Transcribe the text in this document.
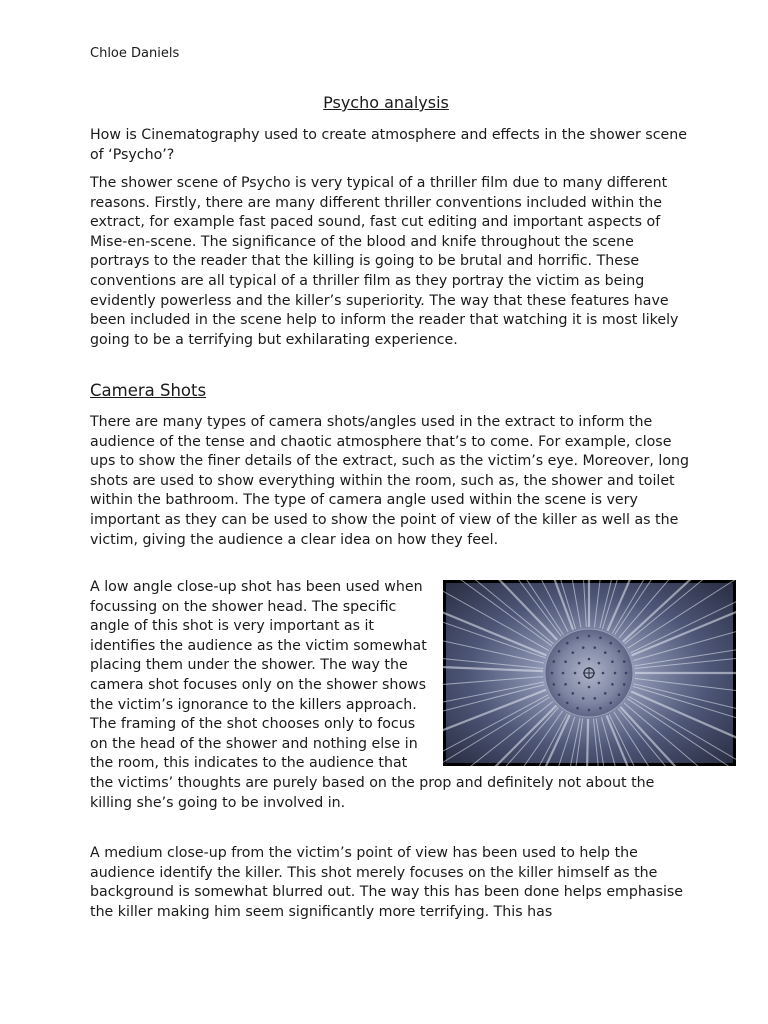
Chloe Daniels
Psycho analysis

How is Cinematography used to create atmosphere and effects in the shower scene of ‘Psycho’?

The shower scene of Psycho is very typical of a thriller film due to many different reasons. Firstly, there are many different thriller conventions included within the extract, for example fast paced sound, fast cut editing and important aspects of Mise-en-scene. The significance of the blood and knife throughout the scene portrays to the reader that the killing is going to be brutal and horrific. These conventions are all typical of a thriller film as they portray the victim as being evidently powerless and the killer’s superiority. The way that these features have been included in the scene help to inform the reader that watching it is most likely going to be a terrifying but exhilarating experience.

Camera Shots

There are many types of camera shots/angles used in the extract to inform the audience of the tense and chaotic atmosphere that’s to come. For example, close ups to show the finer details of the extract, such as the victim’s eye. Moreover, long shots are used to show everything within the room, such as, the shower and toilet within the bathroom. The type of camera angle used within the scene is very important as they can be used to show the point of view of the killer as well as the victim, giving the audience a clear idea on how they feel.

A low angle close-up shot has been used when focussing on the shower head. The specific angle of this shot is very important as it identifies the audience as the victim somewhat placing them under the shower. The way the camera shot focuses only on the shower shows the victim’s ignorance to the killers approach. The framing of the shot chooses only to focus on the head of the shower and nothing else in the room, this indicates to the audience that the victims’ thoughts are purely based on the prop and definitely not about the killing she’s going to be involved in.

A medium close-up from the victim’s point of view has been used to help the audience identify the killer. This shot merely focuses on the killer himself as the background is somewhat blurred out. The way this has been done helps emphasise the killer making him seem significantly more terrifying. This has
